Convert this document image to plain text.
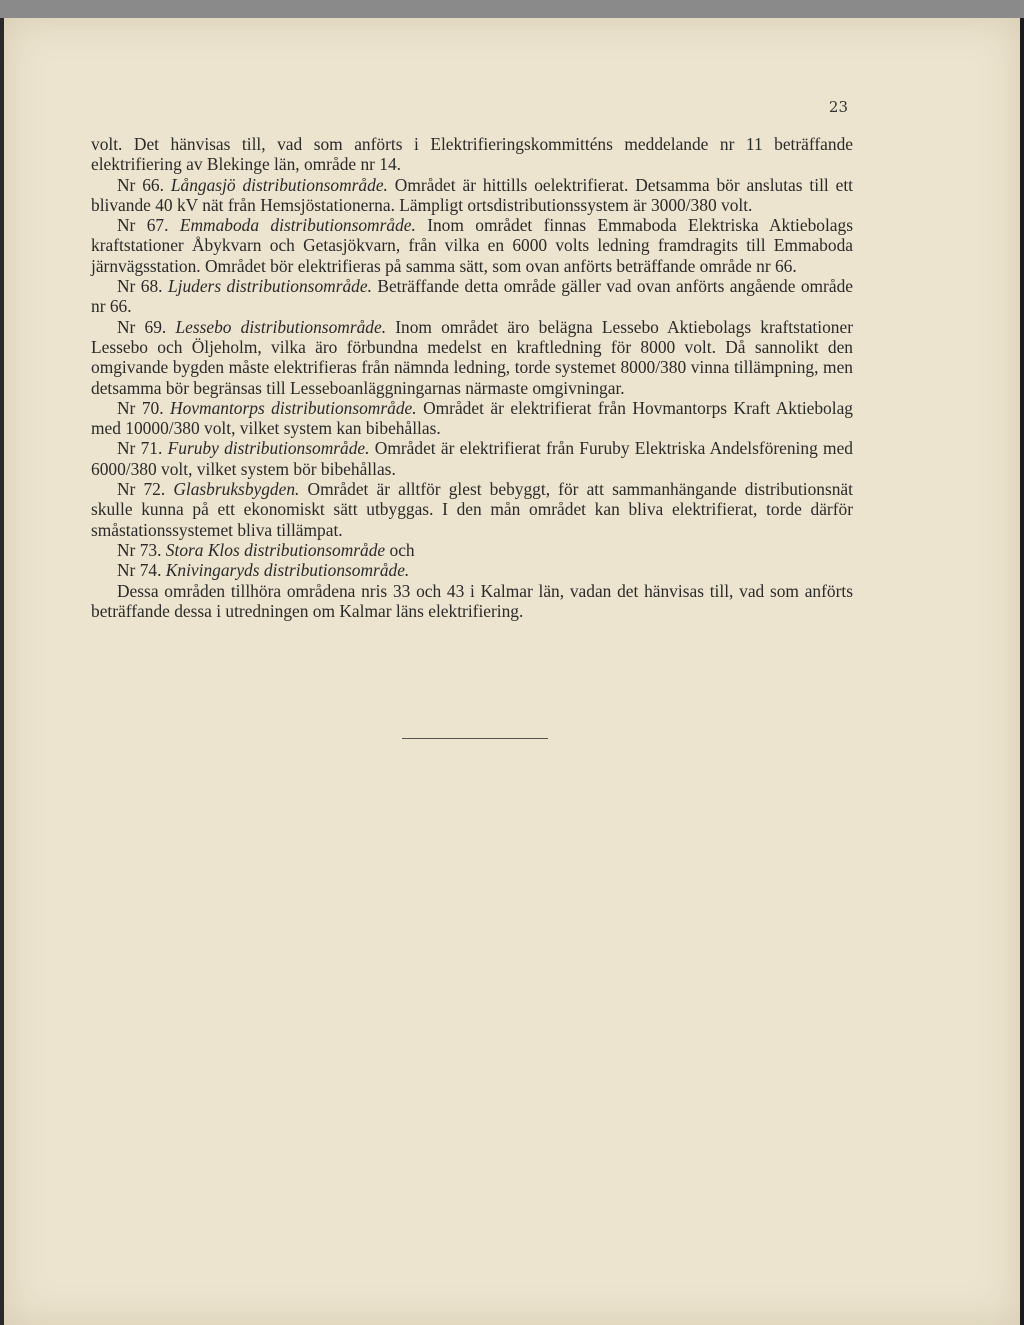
23

volt. Det hänvisas till, vad som anförts i Elektrifieringskommitténs meddelande nr 11 beträffande elektrifiering av Blekinge län, område nr 14.

Nr 66. Långasjö distributionsområde. Området är hittills oelektrifierat. Detsamma bör anslutas till ett blivande 40 kV nät från Hemsjöstationerna. Lämpligt ortsdistributionssystem är 3000/380 volt.

Nr 67. Emmaboda distributionsområde. Inom området finnas Emmaboda Elektriska Aktiebolags kraftstationer Åbykvarn och Getasjökvarn, från vilka en 6000 volts ledning framdragits till Emmaboda järnvägsstation. Området bör elektrifieras på samma sätt, som ovan anförts beträffande område nr 66.

Nr 68. Ljuders distributionsområde. Beträffande detta område gäller vad ovan anförts angående område nr 66.

Nr 69. Lessebo distributionsområde. Inom området äro belägna Lessebo Aktiebolags kraftstationer Lessebo och Öljeholm, vilka äro förbundna medelst en kraftledning för 8000 volt. Då sannolikt den omgivande bygden måste elektrifieras från nämnda ledning, torde systemet 8000/380 vinna tillämpning, men detsamma bör begränsas till Lesseboanläggningarnas närmaste omgivningar.

Nr 70. Hovmantorps distributionsområde. Området är elektrifierat från Hovmantorps Kraft Aktiebolag med 10000/380 volt, vilket system kan bibehållas.

Nr 71. Furuby distributionsområde. Området är elektrifierat från Furuby Elektriska Andelsförening med 6000/380 volt, vilket system bör bibehållas.

Nr 72. Glasbruksbygden. Området är alltför glest bebyggt, för att sammanhängande distributionsnät skulle kunna på ett ekonomiskt sätt utbyggas. I den mån området kan bliva elektrifierat, torde därför småstationssystemet bliva tillämpat.

Nr 73. Stora Klos distributionsområde och

Nr 74. Knivingaryds distributionsområde.

Dessa områden tillhöra områdena nris 33 och 43 i Kalmar län, vadan det hänvisas till, vad som anförts beträffande dessa i utredningen om Kalmar läns elektrifiering.
